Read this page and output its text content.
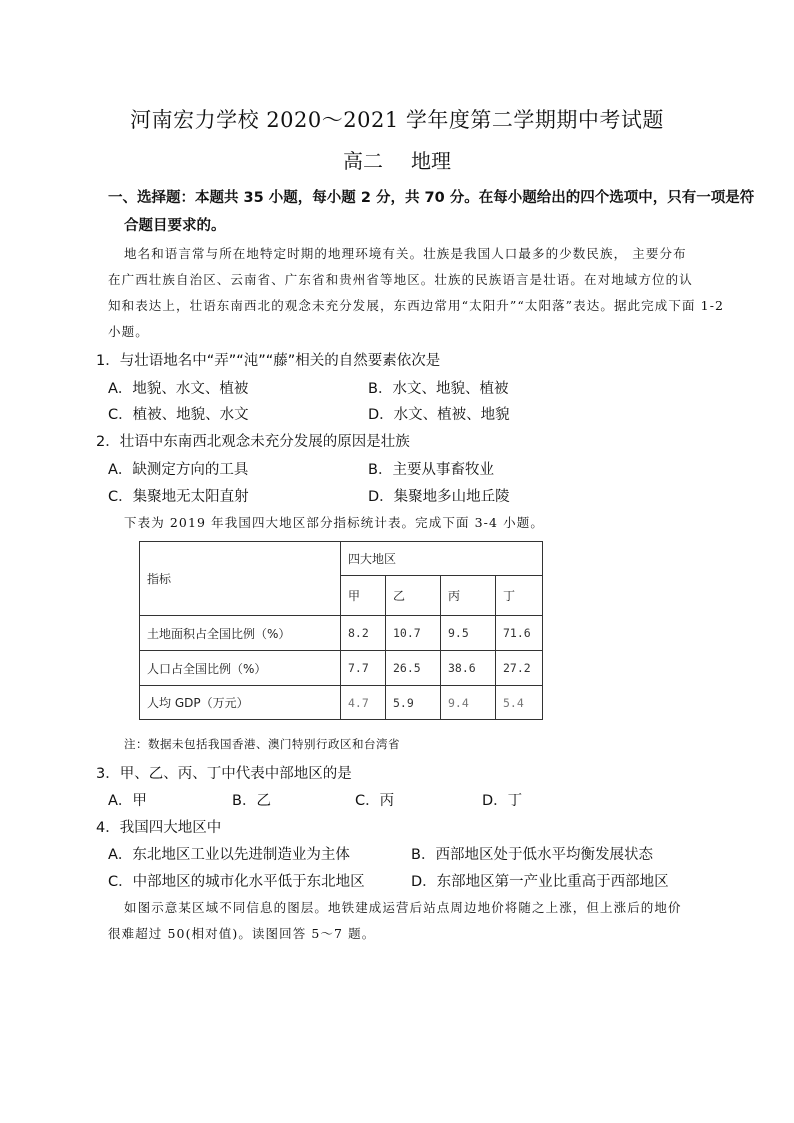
河南宏力学校 2020～2021 学年度第二学期期中考试题
高二 地理
一、选择题：本题共 35 小题，每小题 2 分，共 70 分。在每小题给出的四个选项中，只有一项是符
合题目要求的。
地名和语言常与所在地特定时期的地理环境有关。壮族是我国人口最多的少数民族， 主要分布
在广西壮族自治区、云南省、广东省和贵州省等地区。壮族的民族语言是壮语。在对地域方位的认
知和表达上，壮语东南西北的观念未充分发展，东西边常用“太阳升”“太阳落”表达。据此完成下面 1-2
小题。
1．与壮语地名中“弄”“沌”“藤”相关的自然要素依次是
A．地貌、水文、植被	B．水文、地貌、植被
C．植被、地貌、水文	D．水文、植被、地貌
2．壮语中东南西北观念未充分发展的原因是壮族
A．缺测定方向的工具	B．主要从事畜牧业
C．集聚地无太阳直射	D．集聚地多山地丘陵
下表为 2019 年我国四大地区部分指标统计表。完成下面 3-4 小题。
指标	四大地区			
	甲	乙	丙	丁
土地面积占全国比例（%）	8.2	10.7	9.5	71.6
人口占全国比例（%）	7.7	26.5	38.6	27.2
人均 GDP（万元）	4.7	5.9	9.4	5.4
注：数据未包括我国香港、澳门特别行政区和台湾省
3．甲、乙、丙、丁中代表中部地区的是
A．甲	B．乙	C．丙	D．丁
4．我国四大地区中
A．东北地区工业以先进制造业为主体	B．西部地区处于低水平均衡发展状态
C．中部地区的城市化水平低于东北地区	D．东部地区第一产业比重高于西部地区
如图示意某区域不同信息的图层。地铁建成运营后站点周边地价将随之上涨，但上涨后的地价
很难超过 50(相对值)。读图回答 5～7 题。
